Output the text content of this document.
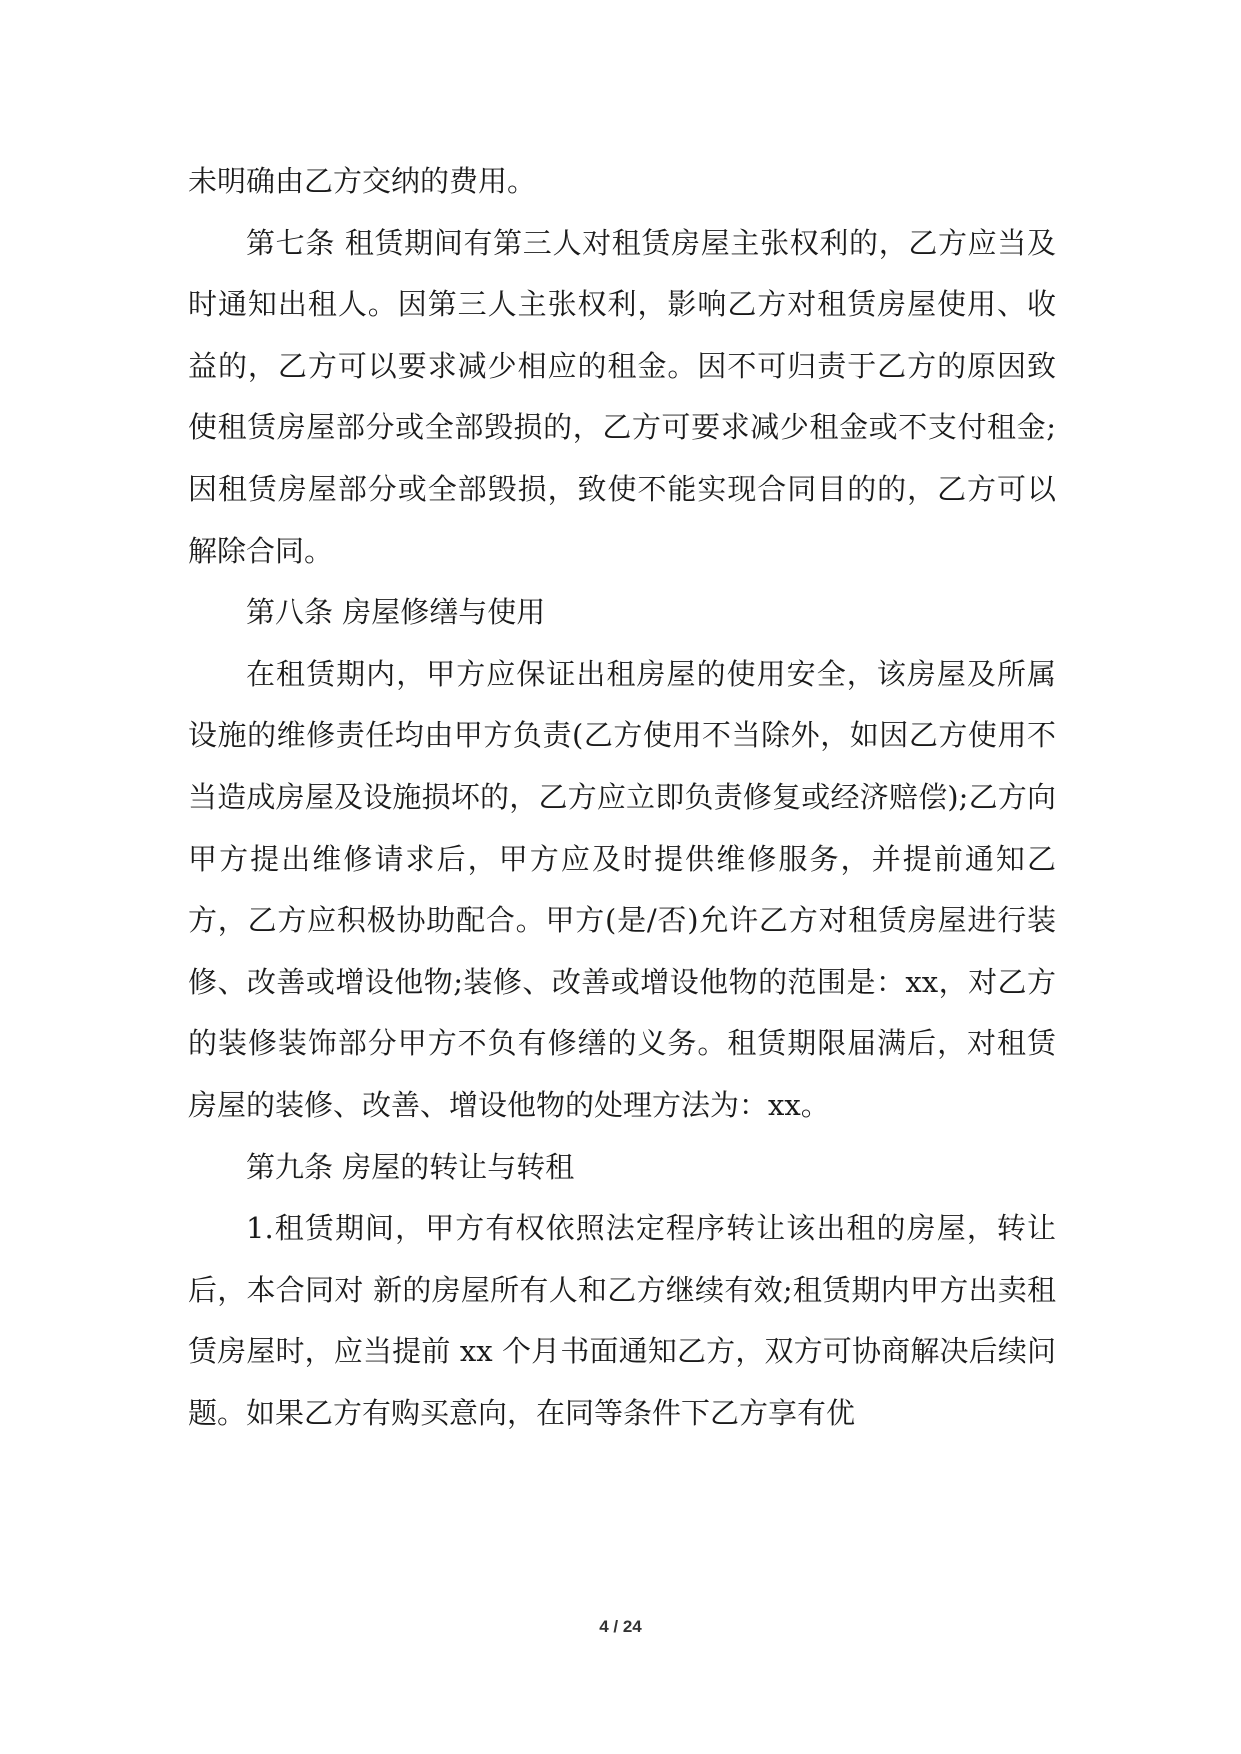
未明确由乙方交纳的费用。

第七条 租赁期间有第三人对租赁房屋主张权利的，乙方应当及时通知出租人。因第三人主张权利，影响乙方对租赁房屋使用、收益的，乙方可以要求减少相应的租金。因不可归责于乙方的原因致使租赁房屋部分或全部毁损的，乙方可要求减少租金或不支付租金;因租赁房屋部分或全部毁损，致使不能实现合同目的的，乙方可以解除合同。

第八条 房屋修缮与使用

在租赁期内，甲方应保证出租房屋的使用安全，该房屋及所属设施的维修责任均由甲方负责(乙方使用不当除外，如因乙方使用不当造成房屋及设施损坏的，乙方应立即负责修复或经济赔偿);乙方向甲方提出维修请求后，甲方应及时提供维修服务，并提前通知乙方，乙方应积极协助配合。甲方(是/否)允许乙方对租赁房屋进行装修、改善或增设他物;装修、改善或增设他物的范围是：xx，对乙方的装修装饰部分甲方不负有修缮的义务。租赁期限届满后，对租赁房屋的装修、改善、增设他物的处理方法为：xx。

第九条 房屋的转让与转租

1.租赁期间，甲方有权依照法定程序转让该出租的房屋，转让后，本合同对 新的房屋所有人和乙方继续有效;租赁期内甲方出卖租赁房屋时，应当提前 xx 个月书面通知乙方，双方可协商解决后续问题。如果乙方有购买意向，在同等条件下乙方享有优

4 / 24
